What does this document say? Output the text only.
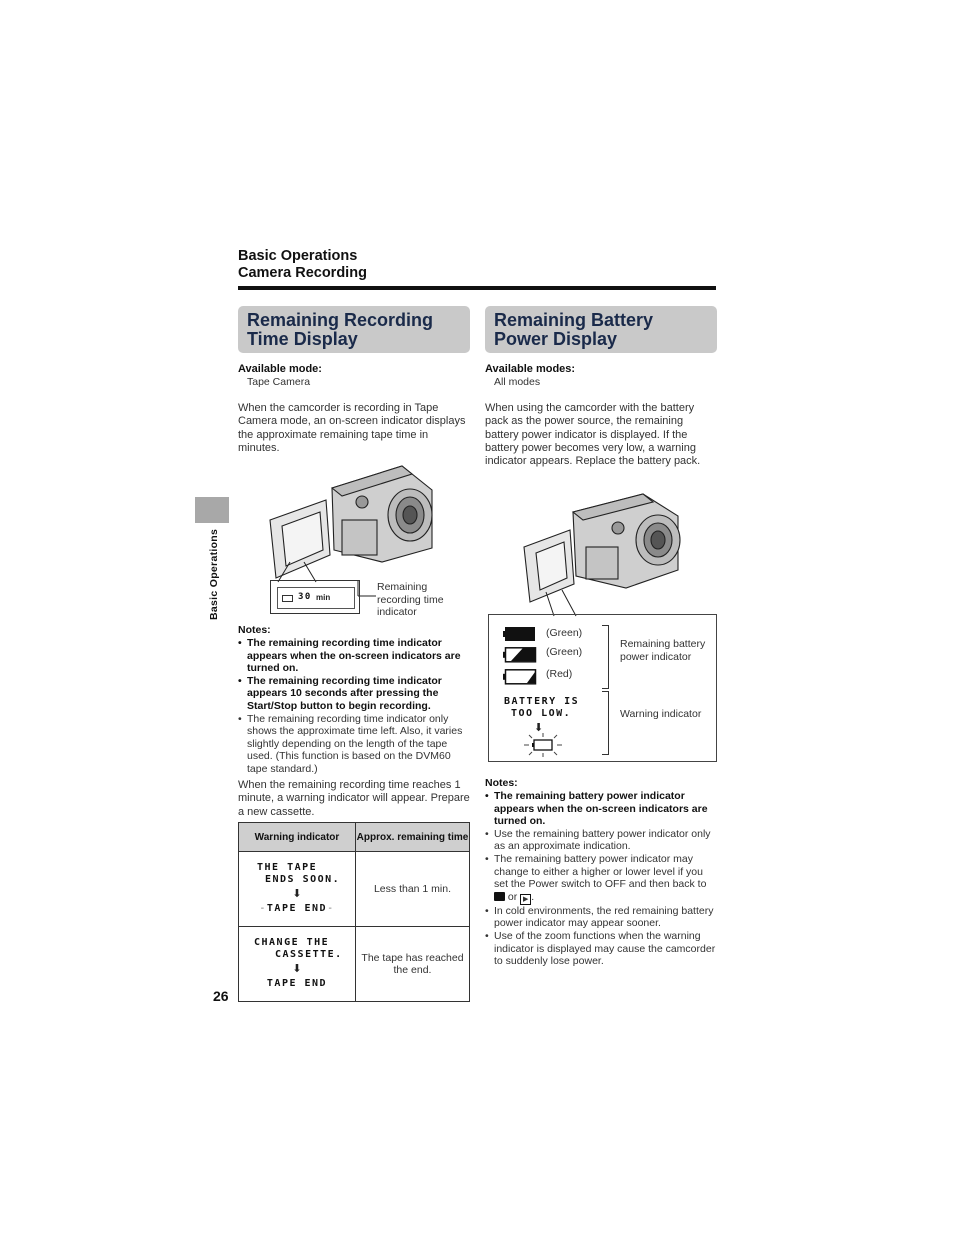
Basic Operations
Camera Recording
Basic Operations
26
Remaining Recording
Time Display
Available mode:
Tape Camera
When the camcorder is recording in Tape Camera mode, an on-screen indicator displays the approximate remaining tape time in minutes.
30 min
Remaining recording time indicator
Notes:
• The remaining recording time indicator appears when the on-screen indicators are turned on.
• The remaining recording time indicator appears 10 seconds after pressing the Start/Stop button to begin recording.
• The remaining recording time indicator only shows the approximate time left. Also, it varies slightly depending on the length of the tape used. (This function is based on the DVM60 tape standard.)
When the remaining recording time reaches 1 minute, a warning indicator will appear. Prepare a new cassette.
Warning indicator	Approx. remaining time

THE TAPE
ENDS SOON.
⬇
-TAPE END-	Less than 1 min.

CHANGE THE
CASSETTE.
⬇
TAPE END	The tape has reached the end.
Remaining Battery
Power Display
Available modes:
All modes
When using the camcorder with the battery pack as the power source, the remaining battery power indicator is displayed. If the battery power becomes very low, a warning indicator appears. Replace the battery pack.
(Green)
(Green)
(Red)
Remaining battery power indicator
Warning indicator
BATTERY IS
TOO LOW.
⬇
Notes:
• The remaining battery power indicator appears when the on-screen indicators are turned on.
• Use the remaining battery power indicator only as an approximate indication.
• The remaining battery power indicator may change to either a higher or lower level if you set the Power switch to OFF and then back to
or ▶ .
• In cold environments, the red remaining battery power indicator may appear sooner.
• Use of the zoom functions when the warning indicator is displayed may cause the camcorder to suddenly lose power.
